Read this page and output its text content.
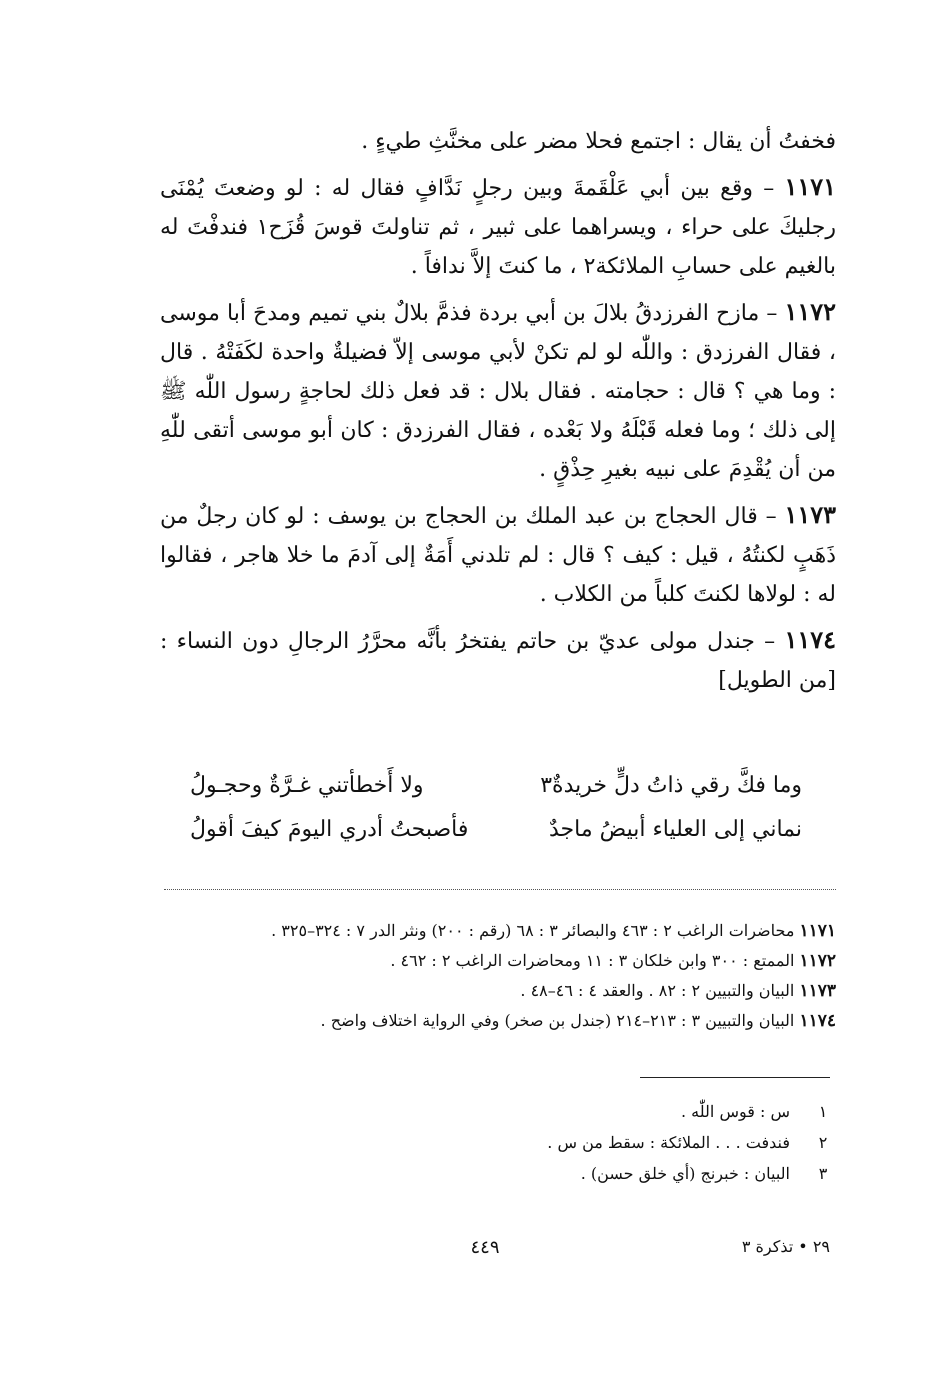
فخفتُ أن يقال : اجتمع فحلا مضر على مخنَّثِ طيءٍ .

١١٧١ – وقع بين أبي عَلْقَمةَ وبين رجلٍ نَدَّافٍ فقال له : لو وضعتَ يُمْنَى رجليكَ على حراء ، ويسراهما على ثبير ، ثم تناولتَ قوسَ قُزَح١ فندفْتَ له بالغيم على حسابِ الملائكة٢ ، ما كنتَ إلاَّ ندافاً .

١١٧٢ – مازح الفرزدقُ بلالَ بن أبي بردة فذمَّ بلالٌ بني تميم ومدحَ أبا موسى ، فقال الفرزدق : واللّٰه لو لم تكنْ لأبي موسى إلاّ فضيلةٌ واحدة لكَفَتْهُ . قال : وما هي ؟ قال : حجامته . فقال بلال : قد فعل ذلك لحاجةٍ رسول اللّٰه ﷺ إلى ذلك ؛ وما فعله قَبْلَهُ ولا بَعْده ، فقال الفرزدق : كان أبو موسى أتقى للّٰهِ من أن يُقْدِمَ على نبيه بغيرِ حِذْقٍ .

١١٧٣ – قال الحجاج بن عبد الملك بن الحجاج بن يوسف : لو كان رجلٌ من ذَهَبٍ لكنتُهُ ، قيل : كيف ؟ قال : لم تلدني أَمَةٌ إلى آدمَ ما خلا هاجر ، فقالوا له : لولاها لكنتَ كلباً من الكلاب .

١١٧٤ – جندل مولى عديّ بن حاتم يفتخرُ بأنَّه محرَّرُ الرجالِ دون النساء : [من الطويل]

وما فكَّ رقي ذاتُ دلٍّ خريدةٌ٣
ولا أَخطأتني غـرَّةٌ وحجـولُ
نماني إلى العلياء أبيضُ ماجدٌ
فأصبحتُ أدري اليومَ كيفَ أقولُ
١١٧١ محاضرات الراغب ٢ : ٤٦٣ والبصائر ٣ : ٦٨ (رقم : ٢٠٠) ونثر الدر ٧ : ٣٢٤–٣٢٥ .
١١٧٢ الممتع : ٣٠٠ وابن خلكان ٣ : ١١ ومحاضرات الراغب ٢ : ٤٦٢ .
١١٧٣ البيان والتبيين ٢ : ٨٢ . والعقد ٤ : ٤٦–٤٨ .
١١٧٤ البيان والتبيين ٣ : ٢١٣–٢١٤ (جندل بن صخر) وفي الرواية اختلاف واضح .
١
س : قوس اللّٰه .
٢
فندفت . . . الملائكة : سقط من س .
٣
البيان : خبرنج (أي خلق حسن) .
٤٤٩	٢٩ • تذكرة ٣
